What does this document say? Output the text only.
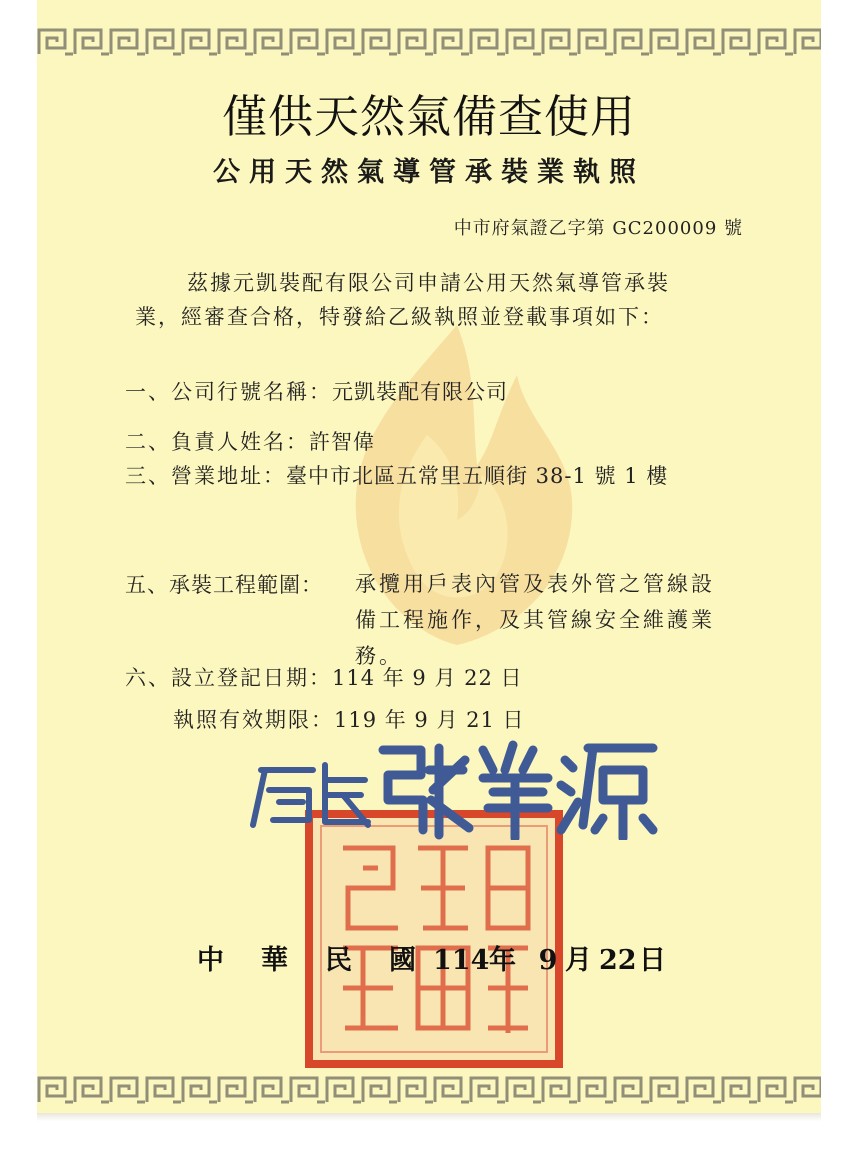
僅供天然氣備查使用
公用天然氣導管承裝業執照
中市府氣證乙字第 GC200009 號

茲據元凱裝配有限公司申請公用天然氣導管承裝

業，經審查合格，特發給乙級執照並登載事項如下：

一、公司行號名稱：元凱裝配有限公司
二、負責人姓名：許智偉
三、營業地址：臺中市北區五常里五順街 38-1 號 1 樓
五、承裝工程範圍： 承攬用戶表內管及表外管之管線設

備工程施作，及其管線安全維護業

務。

六、設立登記日期：114 年 9 月 22 日
執照有效期限：119 年 9 月 21 日
中 華 民 國 114年 9 月 22日
